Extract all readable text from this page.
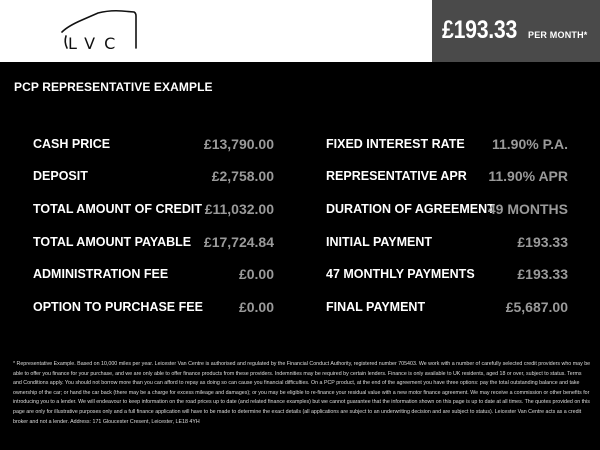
LVC	£193.33 PER MONTH*
PCP REPRESENTATIVE EXAMPLE
CASH PRICE	£13,790.00
DEPOSIT	£2,758.00
TOTAL AMOUNT OF CREDIT £11,032.00
TOTAL AMOUNT PAYABLE £17,724.84
ADMINISTRATION FEE	£0.00
OPTION TO PURCHASE FEE	£0.00
FIXED INTEREST RATE 11.90% P.A.
REPRESENTATIVE APR 11.90% APR
DURATION OF AGREEMENT
49 MONTHS
INITIAL PAYMENT	£193.33
47 MONTHLY PAYMENTS	£193.33
FINAL PAYMENT	£5,687.00
* Representative Example. Based on 10,000 miles per year. Leicester Van Centre is authorised and regulated by the Financial Conduct Authority, registered number 705403. We work with a number of carefully selected credit providers who may be able to offer you finance for your purchase, and we are only able to offer finance products from these providers. Indemnities may be required by certain lenders. Finance is only available to UK residents, aged 18 or over, subject to status. Terms and Conditions apply. You should not borrow more than you can afford to repay as doing so can cause you financial difficulties. On a PCP product, at the end of the agreement you have three options: pay the total outstanding balance and take ownership of the car; or hand the car back (there may be a charge for excess mileage and damages); or you may be eligible to re-finance your residual value with a new motor finance agreement. We may receive a commission or other benefits for introducing you to a lender. We will endeavour to keep information on the road prices up to date (and related finance examples) but we cannot guarantee that the information shown on this page is up to date at all times. The quotes provided on this page are only for illustrative purposes only and a full finance application will have to be made to determine the exact details (all applications are subject to an underwriting decision and are subject to status). Leicester Van Centre acts as a credit broker and not a lender. Address: 171 Gloucester Cresent, Leicester, LE18 4YH
